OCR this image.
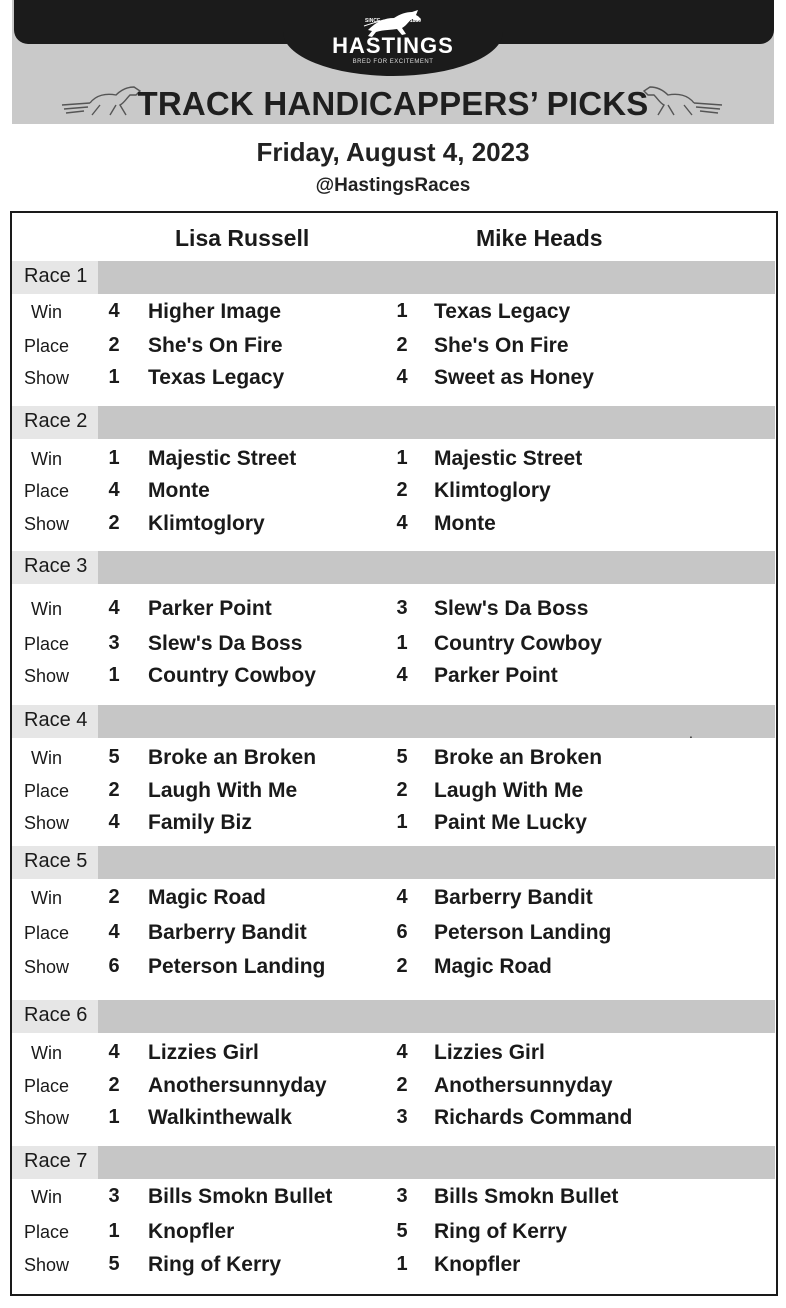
SINCE	1889
HASTINGS
BRED FOR EXCITEMENT
TRACK HANDICAPPERS’ PICKS
Friday, August 4, 2023
@HastingsRaces
Lisa Russell	Mike Heads
Race 1
Win 4 Higher Image	1 Texas Legacy
Place 2 She's On Fire	2 She's On Fire
Show 1 Texas Legacy	4 Sweet as Honey
Race 2
Win 1 Majestic Street	1 Majestic Street
Place 4 Monte	2 Klimtoglory
Show 2 Klimtoglory	4 Monte
Race 3
Win 4 Parker Point	3 Slew's Da Boss
Place 3 Slew's Da Boss	1 Country Cowboy
Show 1 Country Cowboy	4 Parker Point
Race 4
Win 5 Broke an Broken	5 Broke an Broken
Place 2 Laugh With Me	2 Laugh With Me
Show 4 Family Biz	1 Paint Me Lucky
Race 5
Win 2 Magic Road	4 Barberry Bandit
Place 4 Barberry Bandit	6 Peterson Landing
Show 6 Peterson Landing	2 Magic Road
Race 6
Win 4 Lizzies Girl	4 Lizzies Girl
Place 2 Anothersunnyday	2 Anothersunnyday
Show 1 Walkinthewalk	3 Richards Command
Race 7
Win 3 Bills Smokn Bullet	3 Bills Smokn Bullet
Place 1 Knopfler	5 Ring of Kerry
Show 5 Ring of Kerry	1 Knopfler
.
